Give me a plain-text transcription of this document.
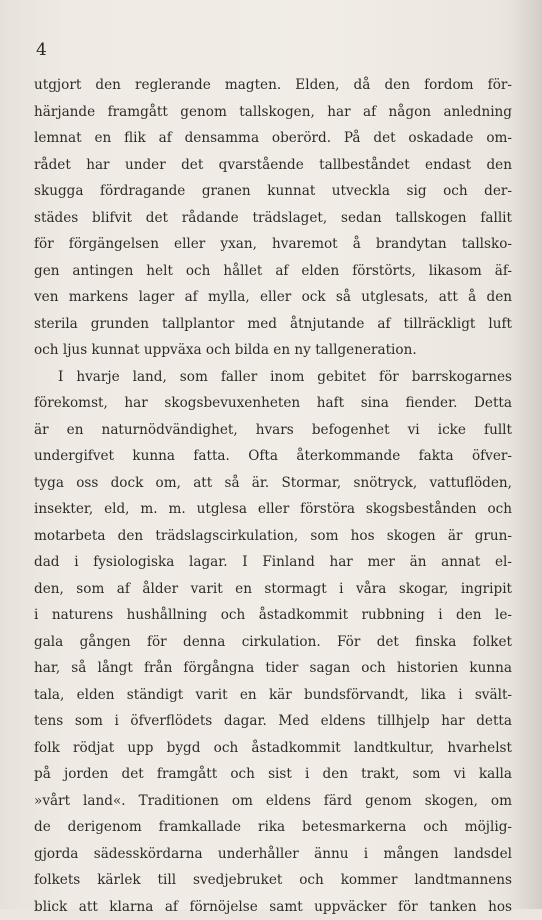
4
utgjort den reglerande magten. Elden, då den fordom för-
härjande framgått genom tallskogen, har af någon anledning
lemnat en flik af densamma oberörd. På det oskadade om-
rådet har under det qvarstående tallbeståndet endast den
skugga fördragande granen kunnat utveckla sig och der-
städes blifvit det rådande trädslaget, sedan tallskogen fallit
för förgängelsen eller yxan, hvaremot å brandytan tallsko-
gen antingen helt och hållet af elden förstörts, likasom äf-
ven markens lager af mylla, eller ock så utglesats, att å den
sterila grunden tallplantor med åtnjutande af tillräckligt luft
och ljus kunnat uppväxa och bilda en ny tallgeneration.
I hvarje land, som faller inom gebitet för barrskogarnes
förekomst, har skogsbevuxenheten haft sina fiender. Detta
är en naturnödvändighet, hvars befogenhet vi icke fullt
undergifvet kunna fatta. Ofta återkommande fakta öfver-
tyga oss dock om, att så är. Stormar, snötryck, vattuflöden,
insekter, eld, m. m. utglesa eller förstöra skogsbestånden och
motarbeta den trädslagscirkulation, som hos skogen är grun-
dad i fysiologiska lagar. I Finland har mer än annat el-
den, som af ålder varit en stormagt i våra skogar, ingripit
i naturens hushållning och åstadkommit rubbning i den le-
gala gången för denna cirkulation. För det finska folket
har, så långt från förgångna tider sagan och historien kunna
tala, elden ständigt varit en kär bundsförvandt, lika i svält-
tens som i öfverflödets dagar. Med eldens tillhjelp har detta
folk rödjat upp bygd och åstadkommit landtkultur, hvarhelst
på jorden det framgått och sist i den trakt, som vi kalla
»vårt land«. Traditionen om eldens färd genom skogen, om
de derigenom framkallade rika betesmarkerna och möjlig-
gjorda sädesskördarna underhåller ännu i mången landsdel
folkets kärlek till svedjebruket och kommer landtmannens
blick att klarna af förnöjelse samt uppväcker för tanken hos
